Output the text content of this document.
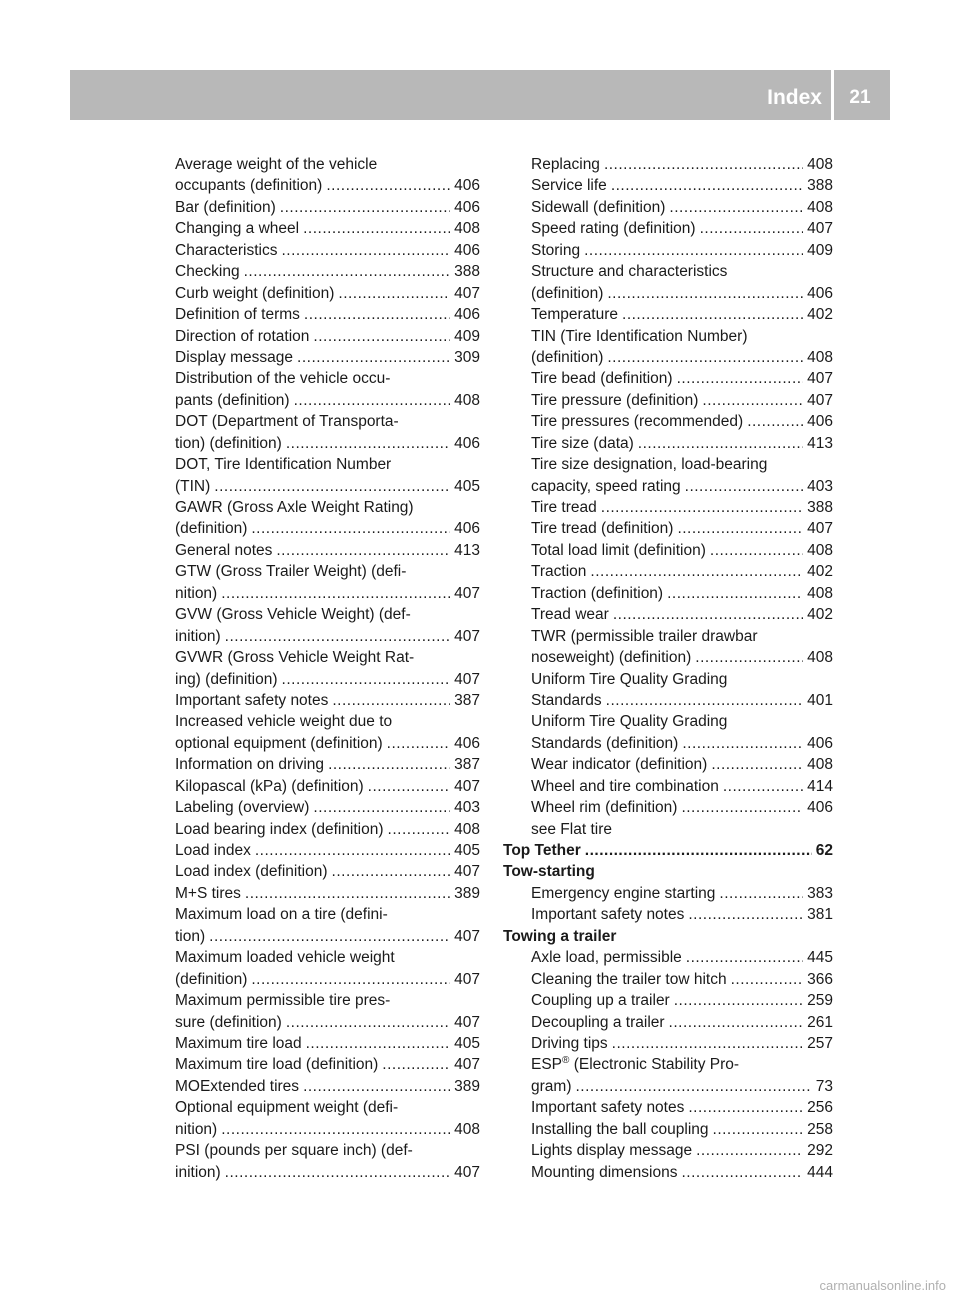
Index	21
Average weight of the vehicle
occupants (definition) .....	406
Bar (definition) .....	406
Changing a wheel .....	408
Characteristics .....	406
Checking .....	388
Curb weight (definition) .....	407
Definition of terms .....	406
Direction of rotation .....	409
Display message .....	309
Distribution of the vehicle occu-
pants (definition) .....	408
DOT (Department of Transporta-
tion) (definition) .....	406
DOT, Tire Identification Number
(TIN) .....	405
GAWR (Gross Axle Weight Rating)
(definition) .....	406
General notes .....	413
GTW (Gross Trailer Weight) (defi-
nition) .....	407
GVW (Gross Vehicle Weight) (def-
inition) .....	407
GVWR (Gross Vehicle Weight Rat-
ing) (definition) .....	407
Important safety notes .....	387
Increased vehicle weight due to
optional equipment (definition) .....	406
Information on driving .....	387
Kilopascal (kPa) (definition) .....	407
Labeling (overview) .....	403
Load bearing index (definition) .....	408
Load index .....	405
Load index (definition) .....	407
M+S tires .....	389
Maximum load on a tire (defini-
tion) .....	407
Maximum loaded vehicle weight
(definition) .....	407
Maximum permissible tire pres-
sure (definition) .....	407
Maximum tire load .....	405
Maximum tire load (definition) .....	407
MOExtended tires .....	389
Optional equipment weight (defi-
nition) .....	408
PSI (pounds per square inch) (def-
inition) .....	407
Replacing .....	408
Service life .....	388
Sidewall (definition) .....	408
Speed rating (definition) .....	407
Storing .....	409
Structure and characteristics
(definition) .....	406
Temperature .....	402
TIN (Tire Identification Number)
(definition) .....	408
Tire bead (definition) .....	407
Tire pressure (definition) .....	407
Tire pressures (recommended) .....	406
Tire size (data) .....	413
Tire size designation, load-bearing
capacity, speed rating .....	403
Tire tread .....	388
Tire tread (definition) .....	407
Total load limit (definition) .....	408
Traction .....	402
Traction (definition) .....	408
Tread wear .....	402
TWR (permissible trailer drawbar
noseweight) (definition) .....	408
Uniform Tire Quality Grading
Standards .....	401
Uniform Tire Quality Grading
Standards (definition) .....	406
Wear indicator (definition) .....	408
Wheel and tire combination .....	414
Wheel rim (definition) .....	406
see Flat tire
Top Tether .....	62
Tow-starting
Emergency engine starting .....	383
Important safety notes .....	381
Towing a trailer
Axle load, permissible .....	445
Cleaning the trailer tow hitch .....	366
Coupling up a trailer .....	259
Decoupling a trailer .....	261
Driving tips .....	257
ESP® (Electronic Stability Pro-
gram) .....	73
Important safety notes .....	256
Installing the ball coupling .....	258
Lights display message .....	292
Mounting dimensions .....	444
carmanualsonline.info
